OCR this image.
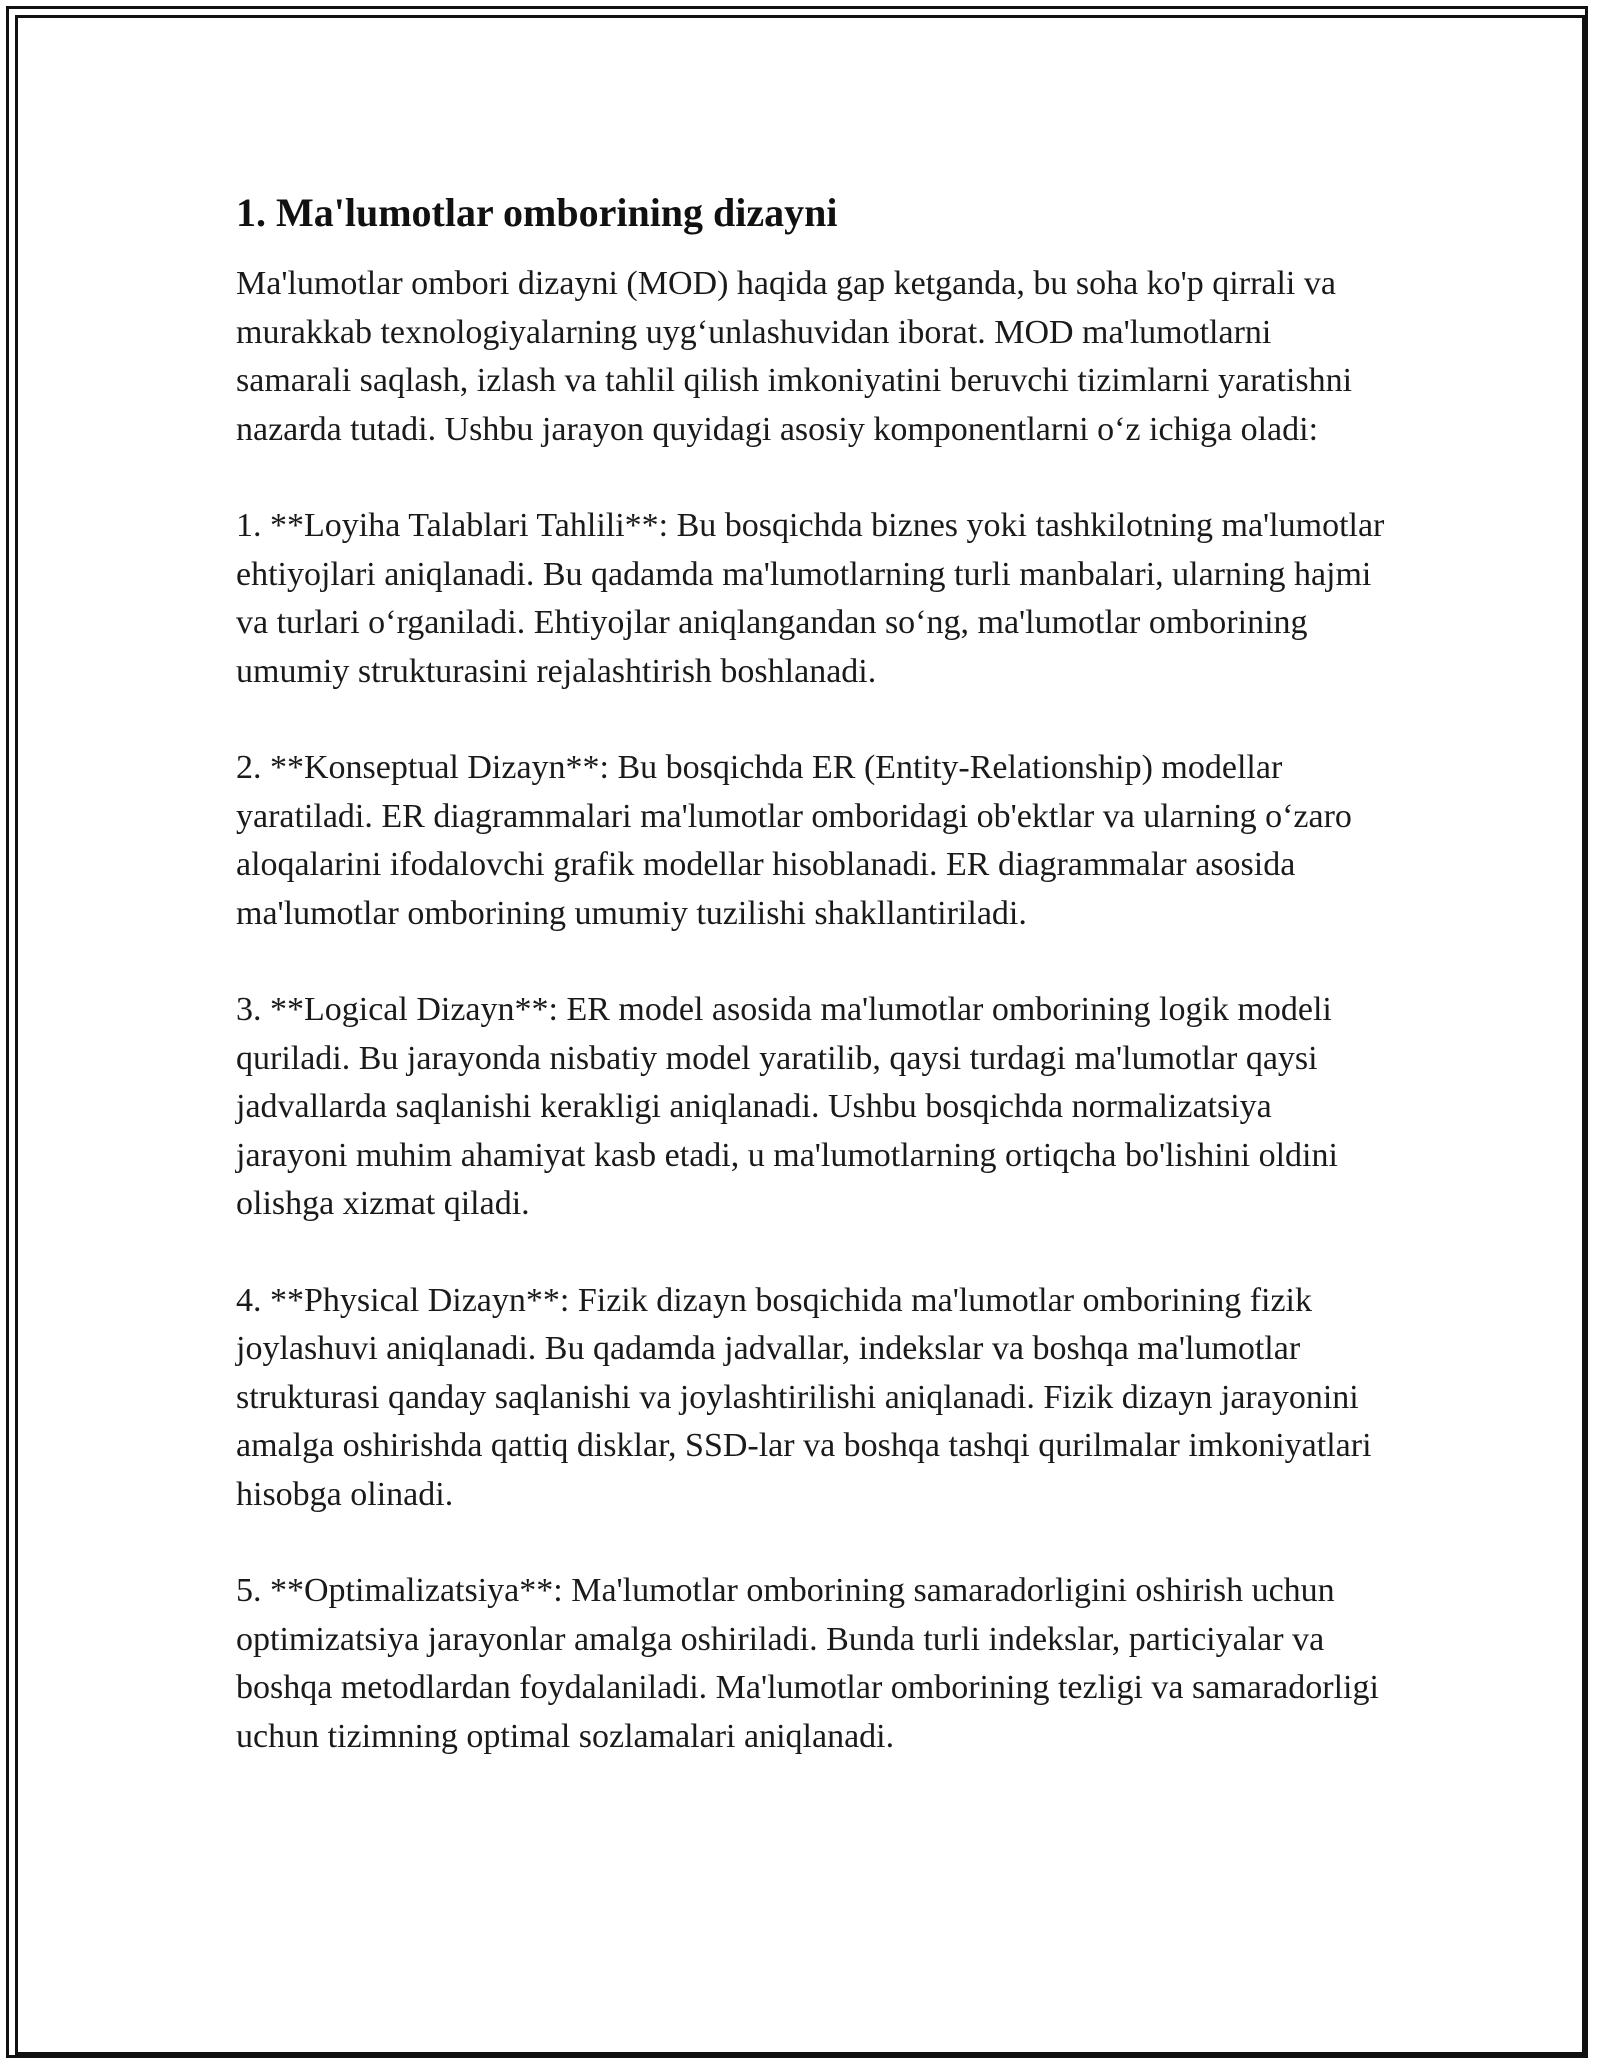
1. Ma'lumotlar omborining dizayni

Ma'lumotlar ombori dizayni (MOD) haqida gap ketganda, bu soha ko'p qirrali va murakkab texnologiyalarning uyg‘unlashuvidan iborat. MOD ma'lumotlarni samarali saqlash, izlash va tahlil qilish imkoniyatini beruvchi tizimlarni yaratishni nazarda tutadi. Ushbu jarayon quyidagi asosiy komponentlarni o‘z ichiga oladi:

1. **Loyiha Talablari Tahlili**: Bu bosqichda biznes yoki tashkilotning ma'lumotlar ehtiyojlari aniqlanadi. Bu qadamda ma'lumotlarning turli manbalari, ularning hajmi va turlari o‘rganiladi. Ehtiyojlar aniqlangandan so‘ng, ma'lumotlar omborining umumiy strukturasini rejalashtirish boshlanadi.

2. **Konseptual Dizayn**: Bu bosqichda ER (Entity-Relationship) modellar yaratiladi. ER diagrammalari ma'lumotlar omboridagi ob'ektlar va ularning o‘zaro aloqalarini ifodalovchi grafik modellar hisoblanadi. ER diagrammalar asosida ma'lumotlar omborining umumiy tuzilishi shakllantiriladi.

3. **Logical Dizayn**: ER model asosida ma'lumotlar omborining logik modeli quriladi. Bu jarayonda nisbatiy model yaratilib, qaysi turdagi ma'lumotlar qaysi jadvallarda saqlanishi kerakligi aniqlanadi. Ushbu bosqichda normalizatsiya jarayoni muhim ahamiyat kasb etadi, u ma'lumotlarning ortiqcha bo'lishini oldini olishga xizmat qiladi.

4. **Physical Dizayn**: Fizik dizayn bosqichida ma'lumotlar omborining fizik joylashuvi aniqlanadi. Bu qadamda jadvallar, indekslar va boshqa ma'lumotlar strukturasi qanday saqlanishi va joylashtirilishi aniqlanadi. Fizik dizayn jarayonini amalga oshirishda qattiq disklar, SSD-lar va boshqa tashqi qurilmalar imkoniyatlari hisobga olinadi.

5. **Optimalizatsiya**: Ma'lumotlar omborining samaradorligini oshirish uchun optimizatsiya jarayonlar amalga oshiriladi. Bunda turli indekslar, particiyalar va boshqa metodlardan foydalaniladi. Ma'lumotlar omborining tezligi va samaradorligi uchun tizimning optimal sozlamalari aniqlanadi.
